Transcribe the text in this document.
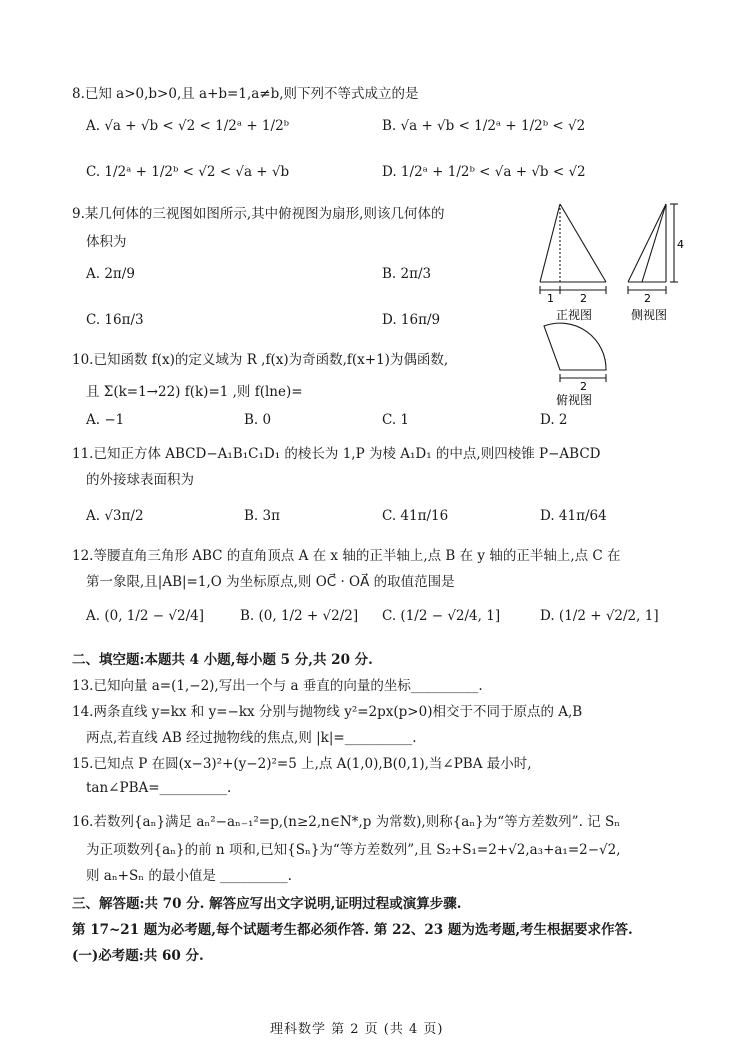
8.已知 a>0,b>0,且 a+b=1,a≠b,则下列不等式成立的是
A. √a + √b < √2 < 1/2ᵃ + 1/2ᵇ	B. √a + √b < 1/2ᵃ + 1/2ᵇ < √2
C. 1/2ᵃ + 1/2ᵇ < √2 < √a + √b	D. 1/2ᵃ + 1/2ᵇ < √a + √b < √2
9.某几何体的三视图如图所示,其中俯视图为扇形,则该几何体的
体积为
A. 2π/9	B. 2π/3
C. 16π/3	D. 16π/9
1 2
正视图
4
2
侧视图
2
俯视图
10.已知函数 f(x)的定义域为 R ,f(x)为奇函数,f(x+1)为偶函数,
且 Σ(k=1→22) f(k)=1 ,则 f(lne)=
A. −1	B. 0	C. 1	D. 2
11.已知正方体 ABCD−A₁B₁C₁D₁ 的棱长为 1,P 为棱 A₁D₁ 的中点,则四棱锥 P−ABCD
的外接球表面积为
A. √3π/2	B. 3π	C. 41π/16	D. 41π/64
12.等腰直角三角形 ABC 的直角顶点 A 在 x 轴的正半轴上,点 B 在 y 轴的正半轴上,点 C 在
第一象限,且|AB|=1,O 为坐标原点,则 OC⃗ · OA⃗ 的取值范围是
A. (0, 1/2 − √2/4]	B. (0, 1/2 + √2/2] C. (1/2 − √2/4, 1]	D. (1/2 + √2/2, 1]
二、填空题:本题共 4 小题,每小题 5 分,共 20 分.
13.已知向量 a=(1,−2),写出一个与 a 垂直的向量的坐标__________.
14.两条直线 y=kx 和 y=−kx 分别与抛物线 y²=2px(p>0)相交于不同于原点的 A,B
两点,若直线 AB 经过抛物线的焦点,则 |k|=__________.
15.已知点 P 在圆(x−3)²+(y−2)²=5 上,点 A(1,0),B(0,1),当∠PBA 最小时,
tan∠PBA=__________.
16.若数列{aₙ}满足 aₙ²−aₙ₋₁²=p,(n≥2,n∈N*,p 为常数),则称{aₙ}为“等方差数列”. 记 Sₙ
为正项数列{aₙ}的前 n 项和,已知{Sₙ}为“等方差数列”,且 S₂+S₁=2+√2,a₃+a₁=2−√2,
则 aₙ+Sₙ 的最小值是 __________.
三、解答题:共 70 分. 解答应写出文字说明,证明过程或演算步骤.
第 17~21 题为必考题,每个试题考生都必须作答. 第 22、23 题为选考题,考生根据要求作答.
(一)必考题:共 60 分.
理科数学 第 2 页 (共 4 页)
